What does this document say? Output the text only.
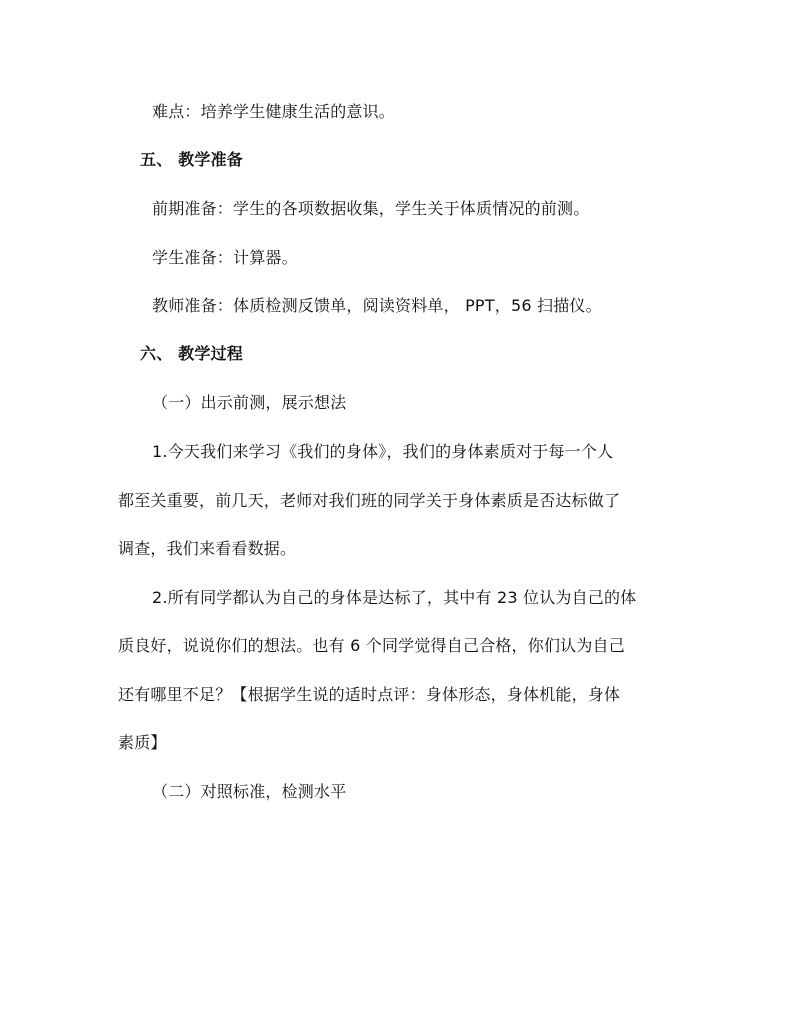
难点：培养学生健康生活的意识。
五、 教学准备
前期准备：学生的各项数据收集，学生关于体质情况的前测。
学生准备：计算器。
教师准备：体质检测反馈单，阅读资料单， PPT，56 扫描仪。
六、 教学过程
（一）出示前测，展示想法
1.今天我们来学习《我们的身体》，我们的身体素质对于每一个人
都至关重要，前几天，老师对我们班的同学关于身体素质是否达标做了
调查，我们来看看数据。
2.所有同学都认为自己的身体是达标了，其中有 23 位认为自己的体
质良好，说说你们的想法。也有 6 个同学觉得自己合格，你们认为自己
还有哪里不足？【根据学生说的适时点评：身体形态，身体机能，身体
素质】
（二）对照标准，检测水平
